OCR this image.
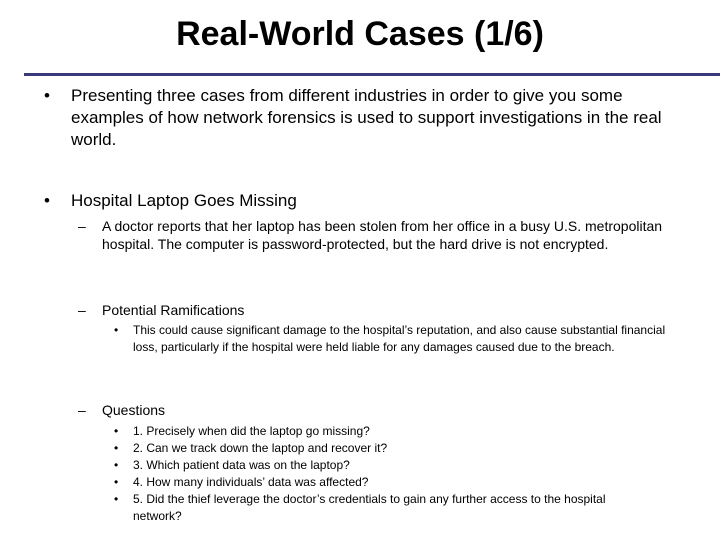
Real-World Cases (1/6)
• Presenting three cases from different industries in order to give you some examples of how network forensics is used to support investigations in the real world.
• Hospital Laptop Goes Missing
– A doctor reports that her laptop has been stolen from her office in a busy U.S. metropolitan hospital. The computer is password-protected, but the hard drive is not encrypted.
– Potential Ramifications
• This could cause significant damage to the hospital’s reputation, and also cause substantial financial loss, particularly if the hospital were held liable for any damages caused due to the breach.
– Questions
• 1. Precisely when did the laptop go missing?
• 2. Can we track down the laptop and recover it?
• 3. Which patient data was on the laptop?
• 4. How many individuals’ data was affected?
• 5. Did the thief leverage the doctor’s credentials to gain any further access to the hospital network?
